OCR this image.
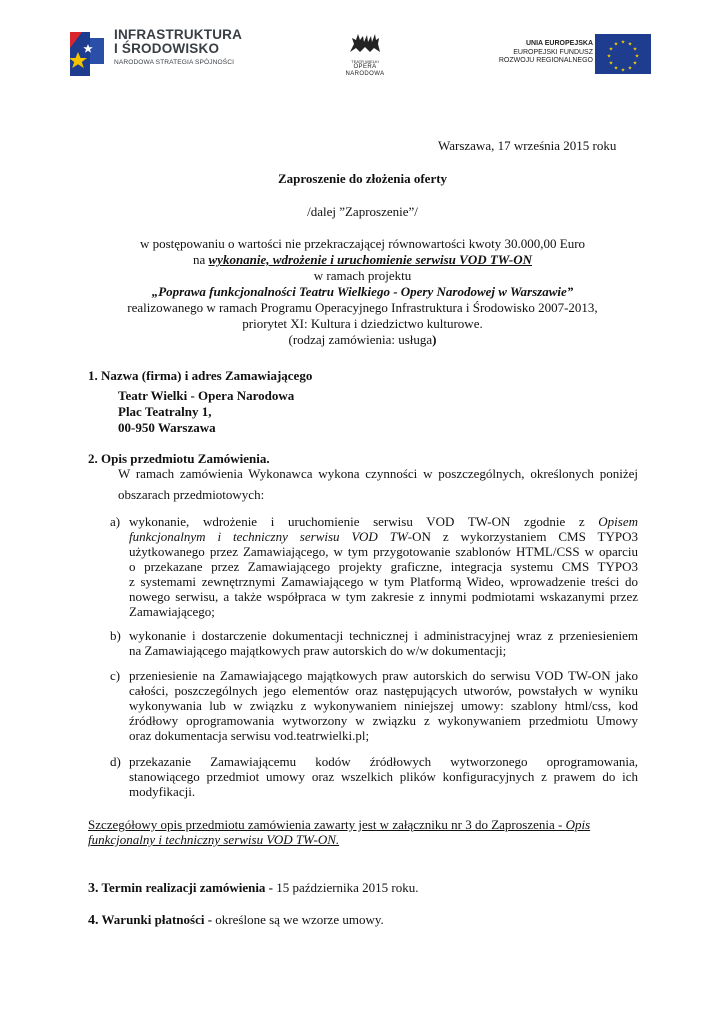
INFRASTRUKTURA
I ŚRODOWISKO
NARODOWA STRATEGIA SPÓJNOŚCI	TEATR WIELKI
OPERA
NARODOWA
UNIA EUROPEJSKA
EUROPEJSKI FUNDUSZ
ROZWOJU REGIONALNEGO
★ ★
★
★
★
★
★
★
★
★
★
★
Warszawa, 17 września 2015 roku
Zaproszenie do złożenia oferty
/dalej ”Zaproszenie”/
w postępowaniu o wartości nie przekraczającej równowartości kwoty 30.000,00 Euro
na wykonanie, wdrożenie i uruchomienie serwisu VOD TW-ON
w ramach projektu
„Poprawa funkcjonalności Teatru Wielkiego - Opery Narodowej w Warszawie”
realizowanego w ramach Programu Operacyjnego Infrastruktura i Środowisko 2007-2013,
priorytet XI: Kultura i dziedzictwo kulturowe.
(rodzaj zamówienia: usługa)
1. Nazwa (firma) i adres Zamawiającego
Teatr Wielki - Opera Narodowa
Plac Teatralny 1,
00-950 Warszawa
2. Opis przedmiotu Zamówienia.
W ramach zamówienia Wykonawca wykona czynności w poszczególnych, określonych poniżej
obszarach przedmiotowych:
a) wykonanie, wdrożenie i uruchomienie serwisu VOD TW-ON zgodnie z Opisem
funkcjonalnym i techniczny serwisu VOD TW-ON z wykorzystaniem CMS TYPO3
użytkowanego przez Zamawiającego, w tym przygotowanie szablonów HTML/CSS w oparciu
o przekazane przez Zamawiającego projekty graficzne, integracja systemu CMS TYPO3
z systemami zewnętrznymi Zamawiającego w tym Platformą Wideo, wprowadzenie treści do
nowego serwisu, a także współpraca w tym zakresie z innymi podmiotami wskazanymi przez
Zamawiającego;
b) wykonanie i dostarczenie dokumentacji technicznej i administracyjnej wraz z przeniesieniem
na Zamawiającego majątkowych praw autorskich do w/w dokumentacji;
c) przeniesienie na Zamawiającego majątkowych praw autorskich do serwisu VOD TW-ON jako
całości, poszczególnych jego elementów oraz następujących utworów, powstałych w wyniku
wykonywania lub w związku z wykonywaniem niniejszej umowy: szablony html/css, kod
źródłowy oprogramowania wytworzony w związku z wykonywaniem przedmiotu Umowy
oraz dokumentacja serwisu vod.teatrwielki.pl;
d) przekazanie Zamawiającemu kodów źródłowych wytworzonego oprogramowania,
stanowiącego przedmiot umowy oraz wszelkich plików konfiguracyjnych z prawem do ich
modyfikacji.
Szczegółowy opis przedmiotu zamówienia zawarty jest w załączniku nr 3 do Zaproszenia - Opis
funkcjonalny i techniczny serwisu VOD TW-ON.
3. Termin realizacji zamówienia - 15 października 2015 roku.
4. Warunki płatności - określone są we wzorze umowy.
